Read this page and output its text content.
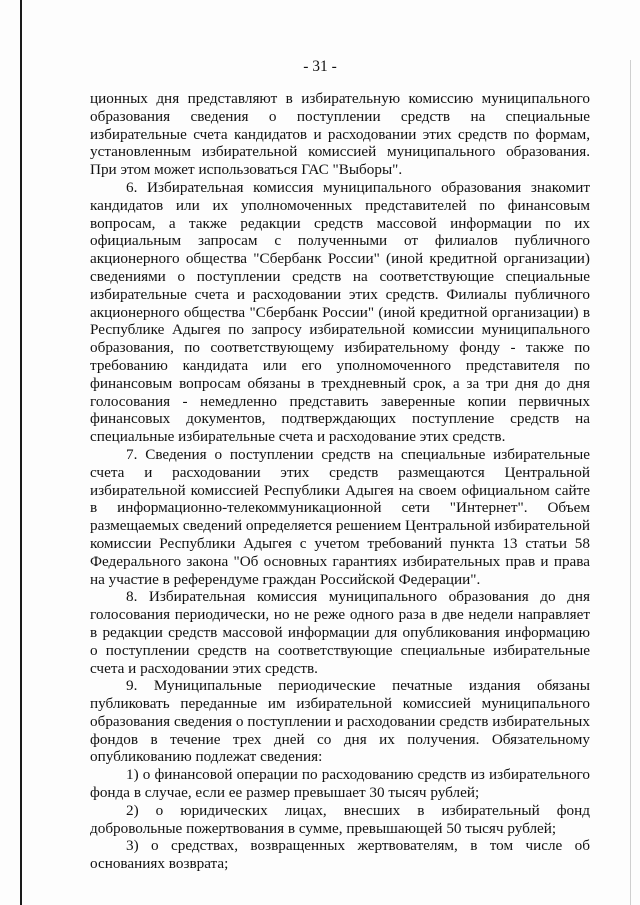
- 31 -

ционных дня представляют в избирательную комиссию муниципального образования сведения о поступлении средств на специальные избирательные счета кандидатов и расходовании этих средств по формам, установленным избирательной комиссией муниципального образования. При этом может использоваться ГАС "Выборы".

6. Избирательная комиссия муниципального образования знакомит кандидатов или их уполномоченных представителей по финансовым вопросам, а также редакции средств массовой информации по их официальным запросам с полученными от филиалов публичного акционерного общества "Сбербанк России" (иной кредитной организации) сведениями о поступлении средств на соответствующие специальные избирательные счета и расходовании этих средств. Филиалы публичного акционерного общества "Сбербанк России" (иной кредитной организации) в Республике Адыгея по запросу избирательной комиссии муниципального образования, по соответствующему избирательному фонду - также по требованию кандидата или его уполномоченного представителя по финансовым вопросам обязаны в трехдневный срок, а за три дня до дня голосования - немедленно представить заверенные копии первичных финансовых документов, подтверждающих поступление средств на специальные избирательные счета и расходование этих средств.

7. Сведения о поступлении средств на специальные избирательные счета и расходовании этих средств размещаются Центральной избирательной комиссией Республики Адыгея на своем официальном сайте в информационно-телекоммуникационной сети "Интернет". Объем размещаемых сведений определяется решением Центральной избирательной комиссии Республики Адыгея с учетом требований пункта 13 статьи 58 Федерального закона "Об основных гарантиях избирательных прав и права на участие в референдуме граждан Российской Федерации".

8. Избирательная комиссия муниципального образования до дня голосования периодически, но не реже одного раза в две недели направляет в редакции средств массовой информации для опубликования информацию о поступлении средств на соответствующие специальные избирательные счета и расходовании этих средств.

9. Муниципальные периодические печатные издания обязаны публиковать переданные им избирательной комиссией муниципального образования сведения о поступлении и расходовании средств избирательных фондов в течение трех дней со дня их получения. Обязательному опубликованию подлежат сведения:

1) о финансовой операции по расходованию средств из избирательного фонда в случае, если ее размер превышает 30 тысяч рублей;

2) о юридических лицах, внесших в избирательный фонд добровольные пожертвования в сумме, превышающей 50 тысяч рублей;

3) о средствах, возвращенных жертвователям, в том числе об основаниях возврата;
